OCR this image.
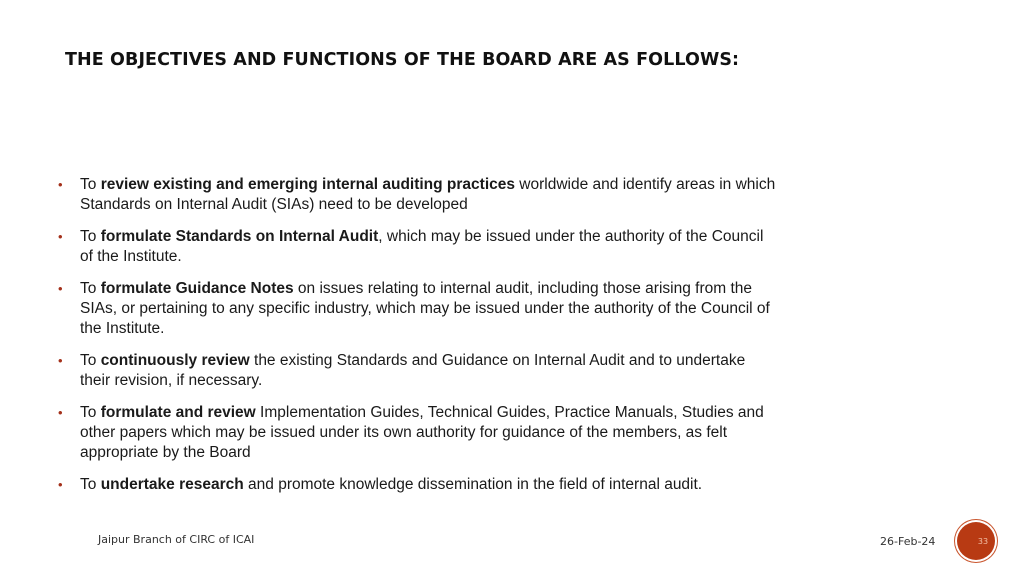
THE OBJECTIVES AND FUNCTIONS OF THE BOARD ARE AS FOLLOWS:
• To review existing and emerging internal auditing practices worldwide and identify areas in which Standards on Internal Audit (SIAs) need to be developed
• To formulate Standards on Internal Audit, which may be issued under the authority of the Council of the Institute.
• To formulate Guidance Notes on issues relating to internal audit, including those arising from the SIAs, or pertaining to any specific industry, which may be issued under the authority of the Council of the Institute.
• To continuously review the existing Standards and Guidance on Internal Audit and to undertake their revision, if necessary.
• To formulate and review Implementation Guides, Technical Guides, Practice Manuals, Studies and other papers which may be issued under its own authority for guidance of the members, as felt appropriate by the Board
• To undertake research and promote knowledge dissemination in the field of internal audit.
Jaipur Branch of CIRC of ICAI	26-Feb-24	33
